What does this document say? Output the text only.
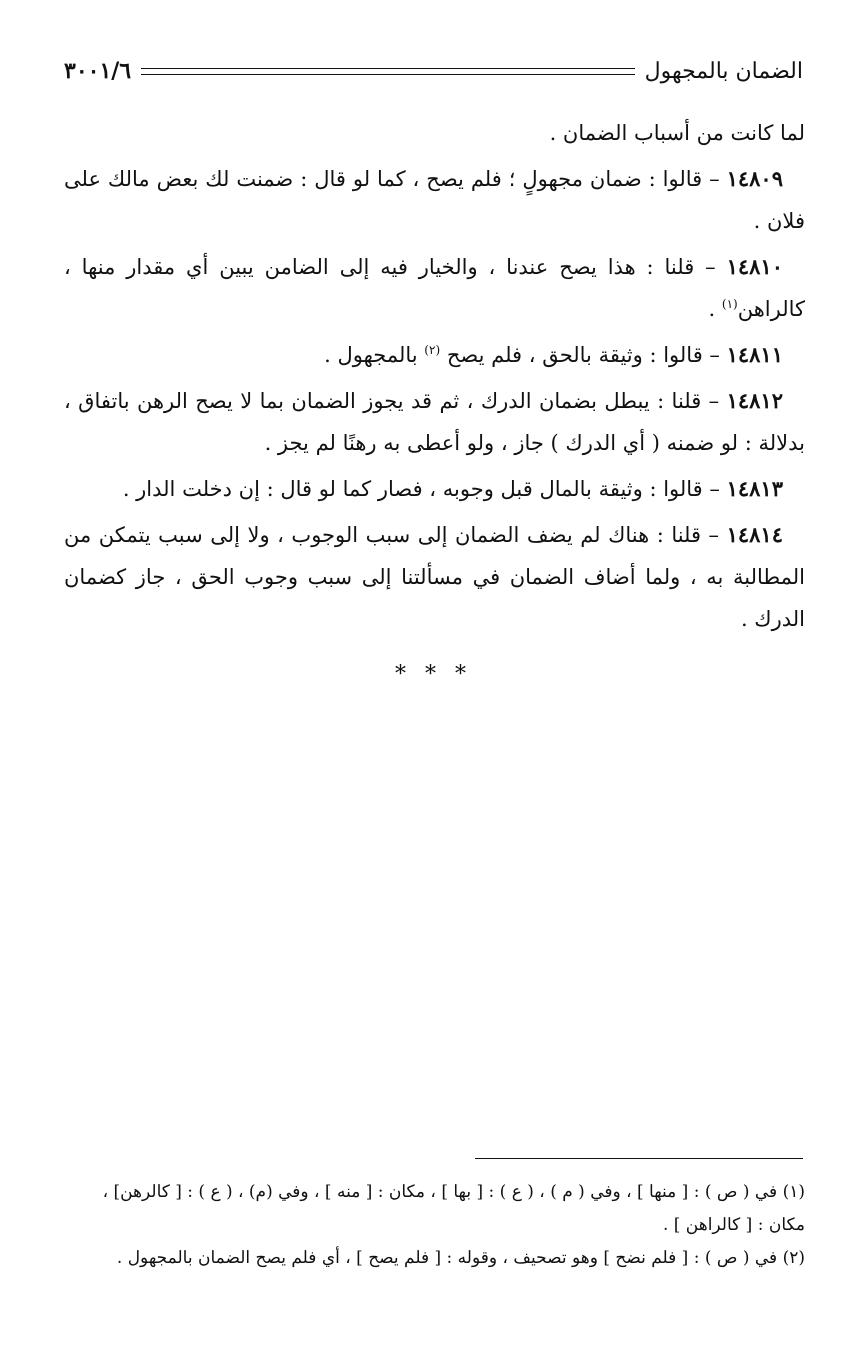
الضمان بالمجهول
٣٠٠١/٦

لما كانت من أسباب الضمان .

١٤٨٠٩ – قالوا : ضمان مجهولٍ ؛ فلم يصح ، كما لو قال : ضمنت لك بعض مالك على فلان .

١٤٨١٠ – قلنا : هذا يصح عندنا ، والخيار فيه إلى الضامن يبين أي مقدار منها ، كالراهن$^{(١)}$ .

١٤٨١١ – قالوا : وثيقة بالحق ، فلم يصح $^{(٢)}$ بالمجهول .

١٤٨١٢ – قلنا : يبطل بضمان الدرك ، ثم قد يجوز الضمان بما لا يصح الرهن باتفاق ، بدلالة : لو ضمنه ( أي الدرك ) جاز ، ولو أعطى به رهنًا لم يجز .

١٤٨١٣ – قالوا : وثيقة بالمال قبل وجوبه ، فصار كما لو قال : إن دخلت الدار .

١٤٨١٤ – قلنا : هناك لم يضف الضمان إلى سبب الوجوب ، ولا إلى سبب يتمكن من المطالبة به ، ولما أضاف الضمان في مسألتنا إلى سبب وجوب الحق ، جاز كضمان الدرك .

* * *

(١) في ( ص ) : [ منها ] ، وفي ( م ) ، ( ع ) : [ بها ] ، مكان : [ منه ] ، وفي (م) ، ( ع ) : [ كالرهن] ، مكان : [ كالراهن ] .

(٢) في ( ص ) : [ فلم نضح ] وهو تصحيف ، وقوله : [ فلم يصح ] ، أي فلم يصح الضمان بالمجهول .
